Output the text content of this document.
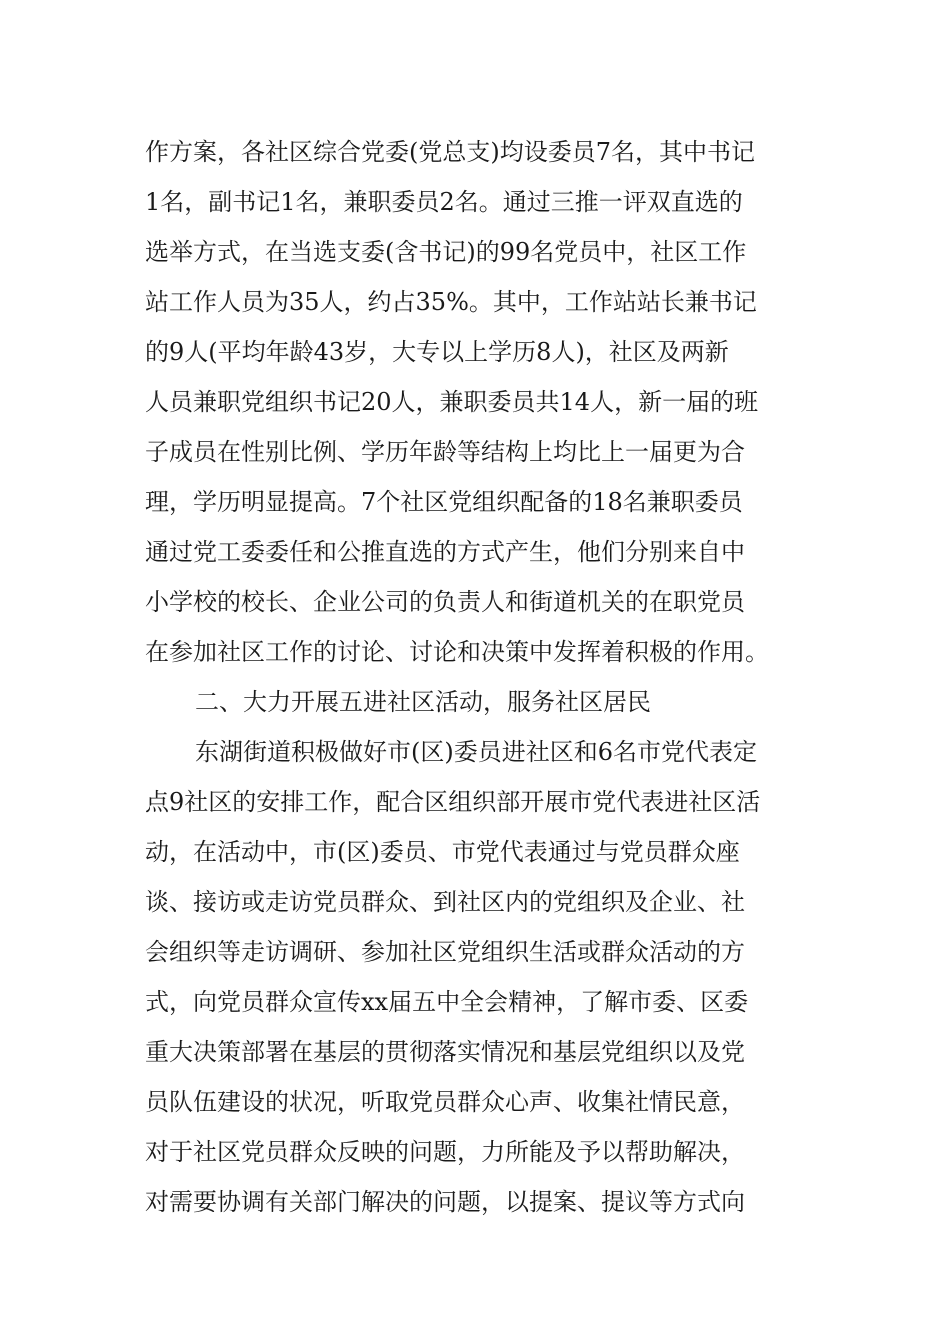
作方案，各社区综合党委(党总支)均设委员7名，其中书记
1名，副书记1名，兼职委员2名。通过三推一评双直选的
选举方式，在当选支委(含书记)的99名党员中，社区工作
站工作人员为35人，约占35%。其中，工作站站长兼书记
的9人(平均年龄43岁，大专以上学历8人)，社区及两新
人员兼职党组织书记20人，兼职委员共14人，新一届的班
子成员在性别比例、学历年龄等结构上均比上一届更为合
理，学历明显提高。7个社区党组织配备的18名兼职委员
通过党工委委任和公推直选的方式产生，他们分别来自中
小学校的校长、企业公司的负责人和街道机关的在职党员
在参加社区工作的讨论、讨论和决策中发挥着积极的作用。
二、大力开展五进社区活动，服务社区居民
东湖街道积极做好市(区)委员进社区和6名市党代表定
点9社区的安排工作，配合区组织部开展市党代表进社区活
动，在活动中，市(区)委员、市党代表通过与党员群众座
谈、接访或走访党员群众、到社区内的党组织及企业、社
会组织等走访调研、参加社区党组织生活或群众活动的方
式，向党员群众宣传xx届五中全会精神，了解市委、区委
重大决策部署在基层的贯彻落实情况和基层党组织以及党
员队伍建设的状况，听取党员群众心声、收集社情民意，
对于社区党员群众反映的问题，力所能及予以帮助解决，
对需要协调有关部门解决的问题，以提案、提议等方式向
